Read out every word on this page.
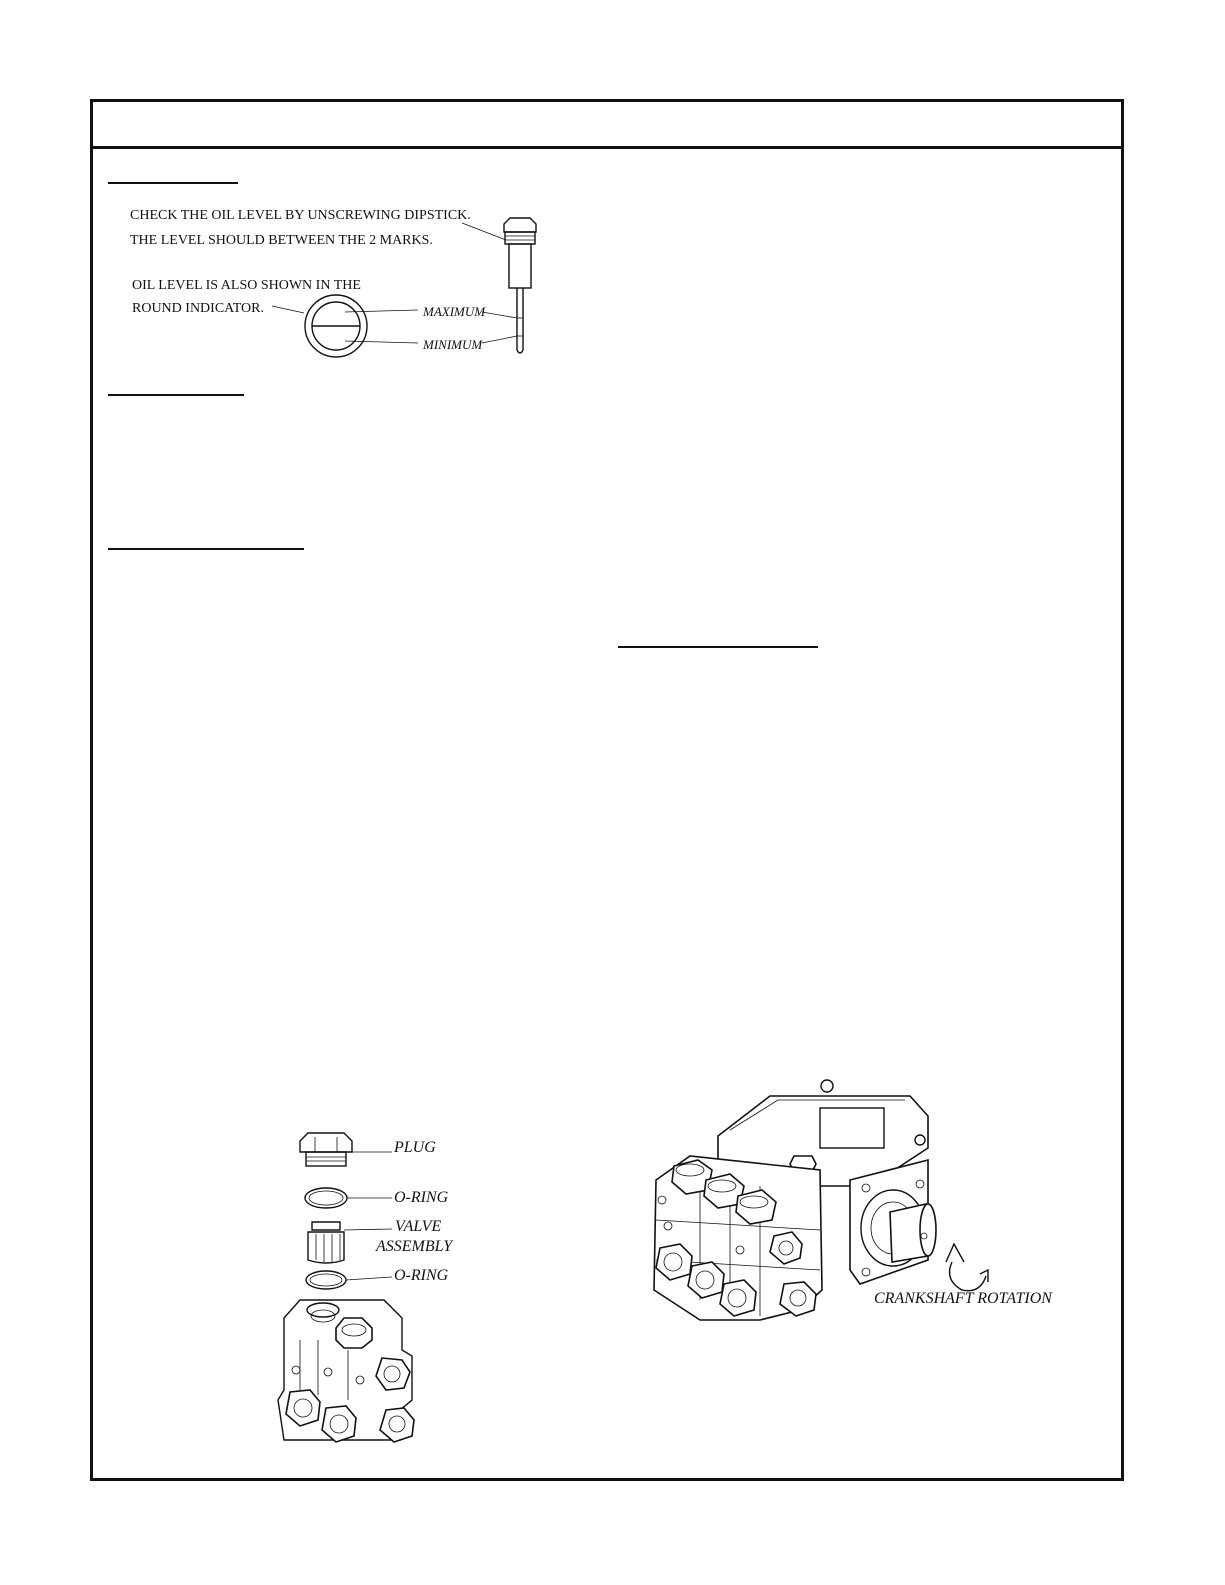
CHECK THE OIL LEVEL BY UNSCREWING DIPSTICK.
THE LEVEL SHOULD BETWEEN THE 2 MARKS.
OIL LEVEL IS ALSO SHOWN IN THE
ROUND INDICATOR.	MAXIMUM
MINIMUM
PLUG
O-RING
VALVE
ASSEMBLY
O-RING
CRANKSHAFT ROTATION
